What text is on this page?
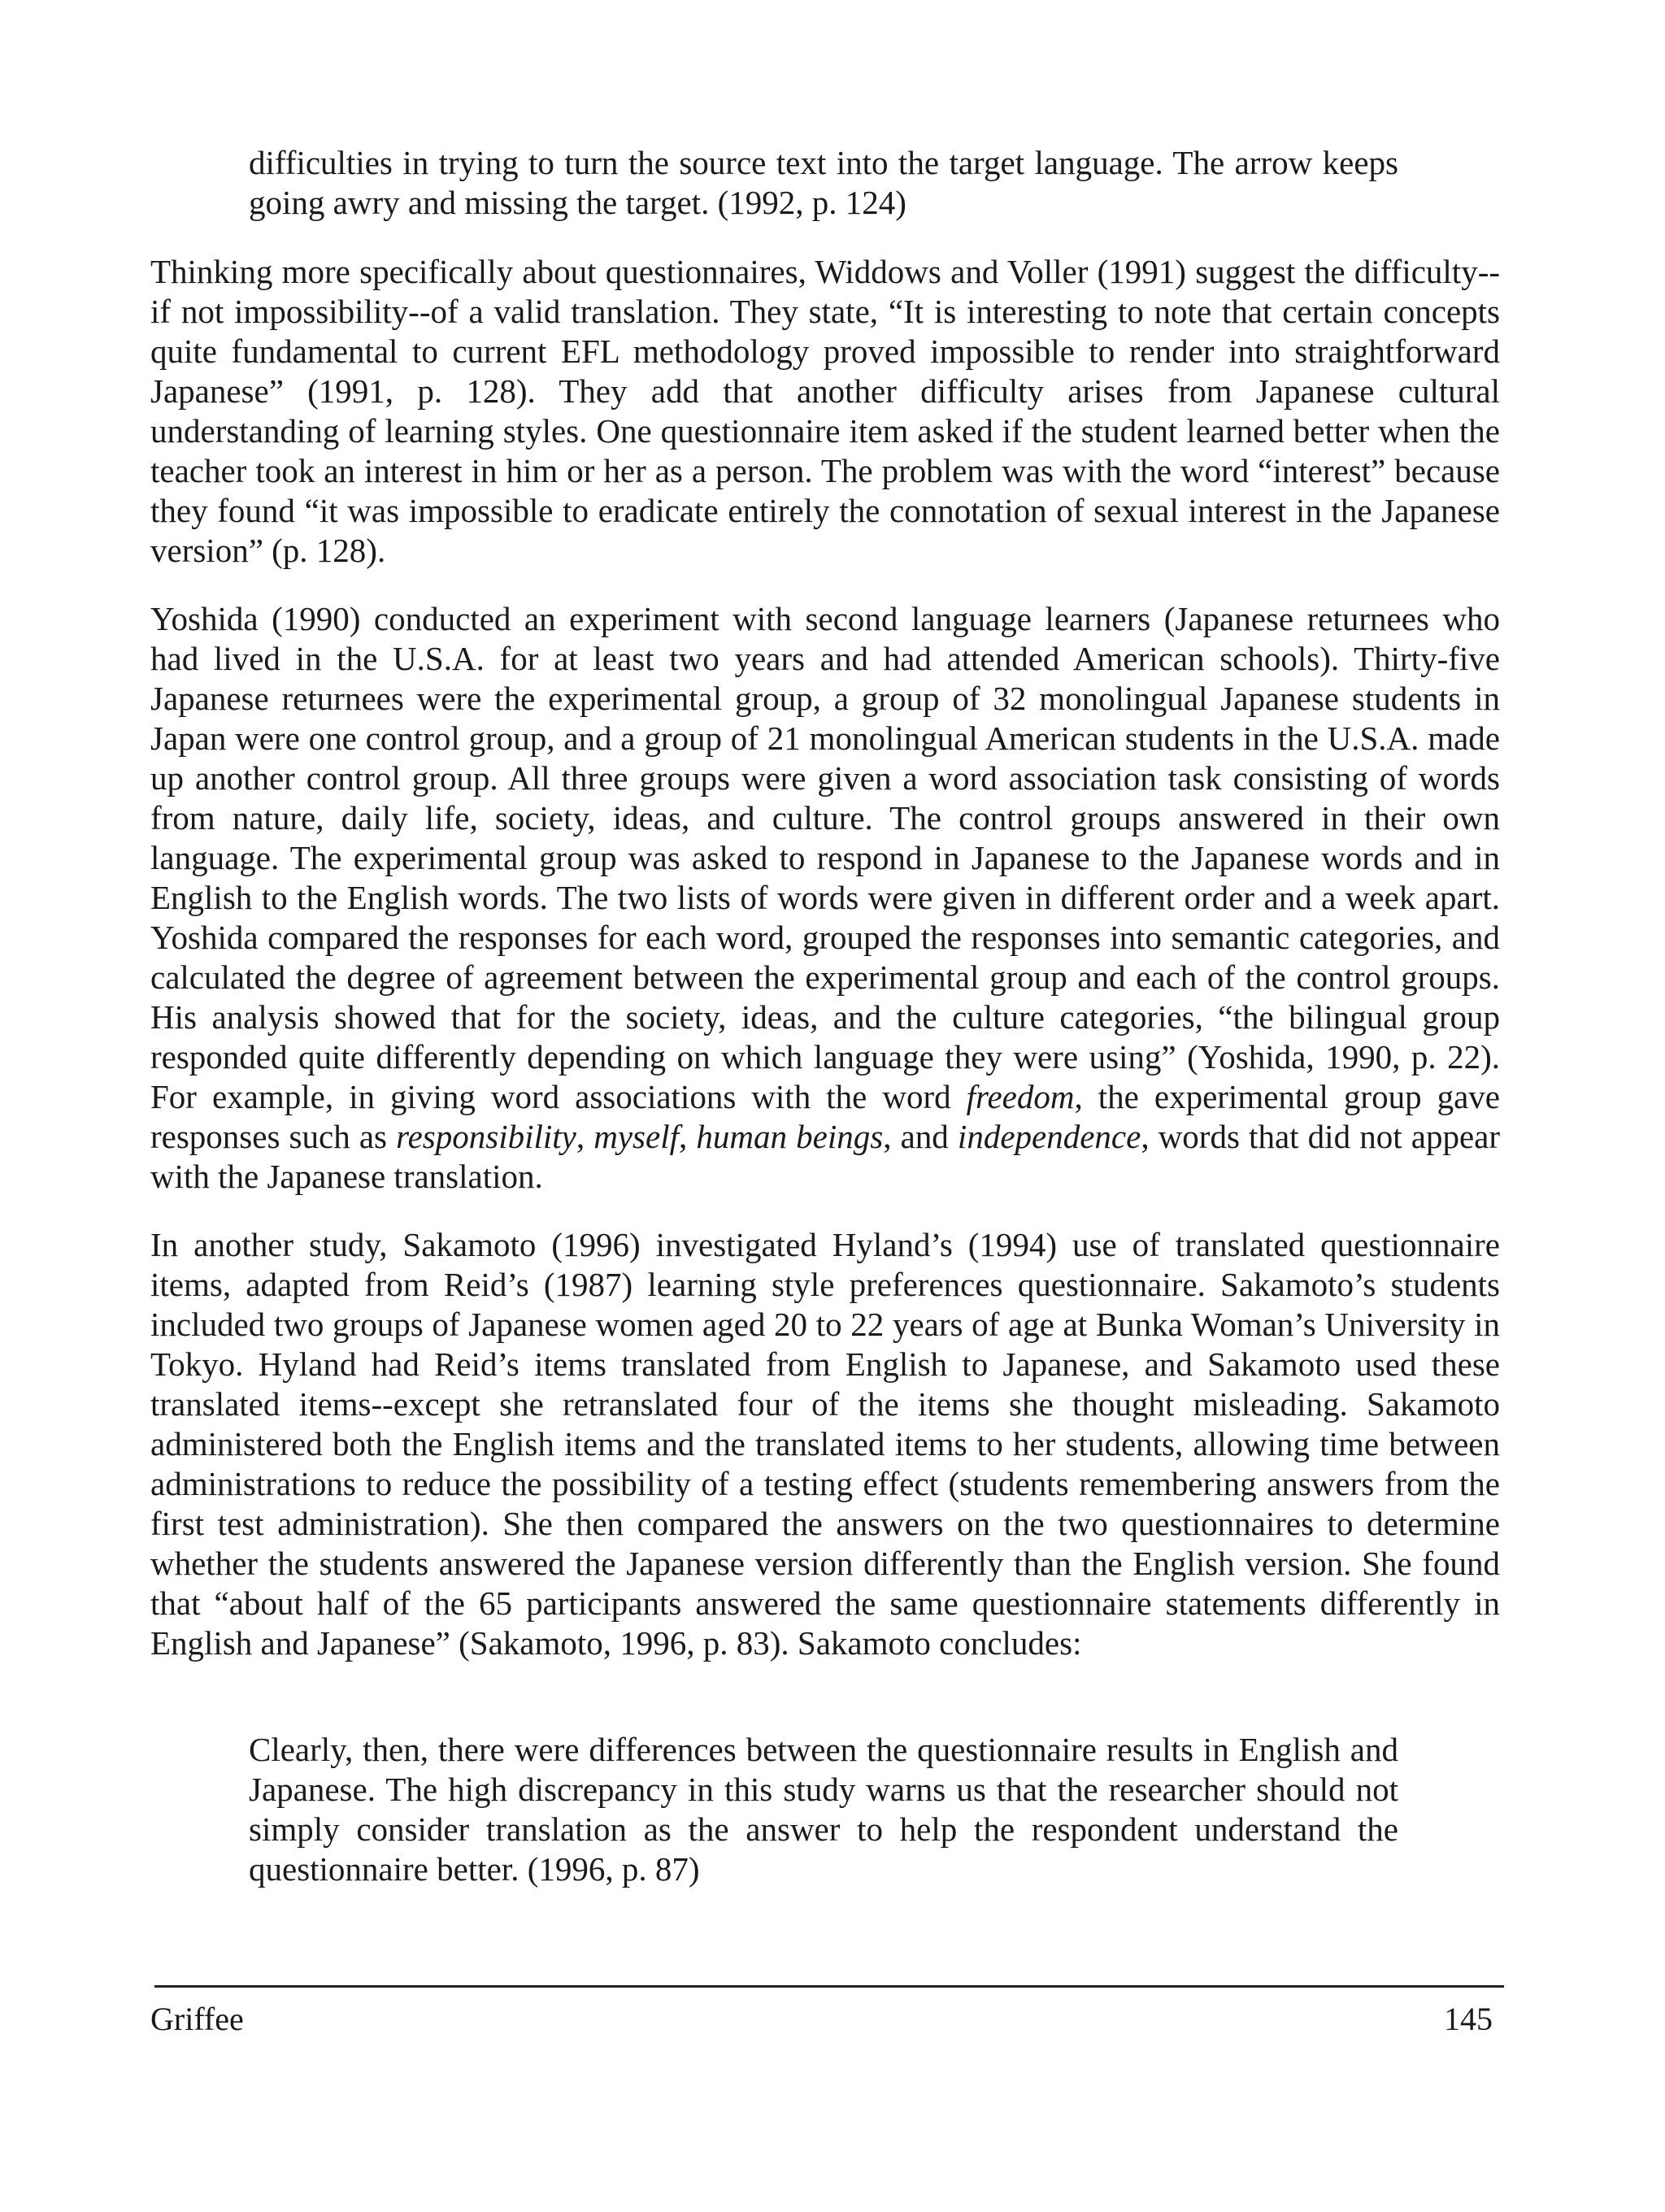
difficulties in trying to turn the source text into the target language. The arrow keeps going awry and missing the target. (1992, p. 124)

Thinking more specifically about questionnaires, Widdows and Voller (1991) suggest the difficulty--if not impossibility--of a valid translation. They state, “It is interesting to note that certain concepts quite fundamental to current EFL methodology proved impossible to render into straightforward Japanese” (1991, p. 128). They add that another difficulty arises from Japanese cultural understanding of learning styles. One questionnaire item asked if the student learned better when the teacher took an interest in him or her as a person. The problem was with the word “interest” because they found “it was impossible to eradicate entirely the connotation of sexual interest in the Japanese version” (p. 128).

Yoshida (1990) conducted an experiment with second language learners (Japanese returnees who had lived in the U.S.A. for at least two years and had attended American schools). Thirty-five Japanese returnees were the experimental group, a group of 32 monolingual Japanese students in Japan were one control group, and a group of 21 monolingual American students in the U.S.A. made up another control group. All three groups were given a word association task consisting of words from nature, daily life, society, ideas, and culture. The control groups answered in their own language. The experimental group was asked to respond in Japanese to the Japanese words and in English to the English words. The two lists of words were given in different order and a week apart. Yoshida compared the responses for each word, grouped the responses into semantic categories, and calculated the degree of agreement between the experimental group and each of the control groups. His analysis showed that for the society, ideas, and the culture categories, “the bilingual group responded quite differently depending on which language they were using” (Yoshida, 1990, p. 22). For example, in giving word associations with the word freedom, the experimental group gave responses such as responsibility, myself, human beings, and independence, words that did not appear with the Japanese translation.

In another study, Sakamoto (1996) investigated Hyland’s (1994) use of translated questionnaire items, adapted from Reid’s (1987) learning style preferences questionnaire. Sakamoto’s students included two groups of Japanese women aged 20 to 22 years of age at Bunka Woman’s University in Tokyo. Hyland had Reid’s items translated from English to Japanese, and Sakamoto used these translated items--except she retranslated four of the items she thought misleading. Sakamoto administered both the English items and the translated items to her students, allowing time between administrations to reduce the possibility of a testing effect (students remembering answers from the first test administration). She then compared the answers on the two questionnaires to determine whether the students answered the Japanese version differently than the English version. She found that “about half of the 65 participants answered the same questionnaire statements differently in English and Japanese” (Sakamoto, 1996, p. 83). Sakamoto concludes:

Clearly, then, there were differences between the questionnaire results in English and Japanese. The high discrepancy in this study warns us that the researcher should not simply consider translation as the answer to help the respondent understand the questionnaire better. (1996, p. 87)

Griffee	145
